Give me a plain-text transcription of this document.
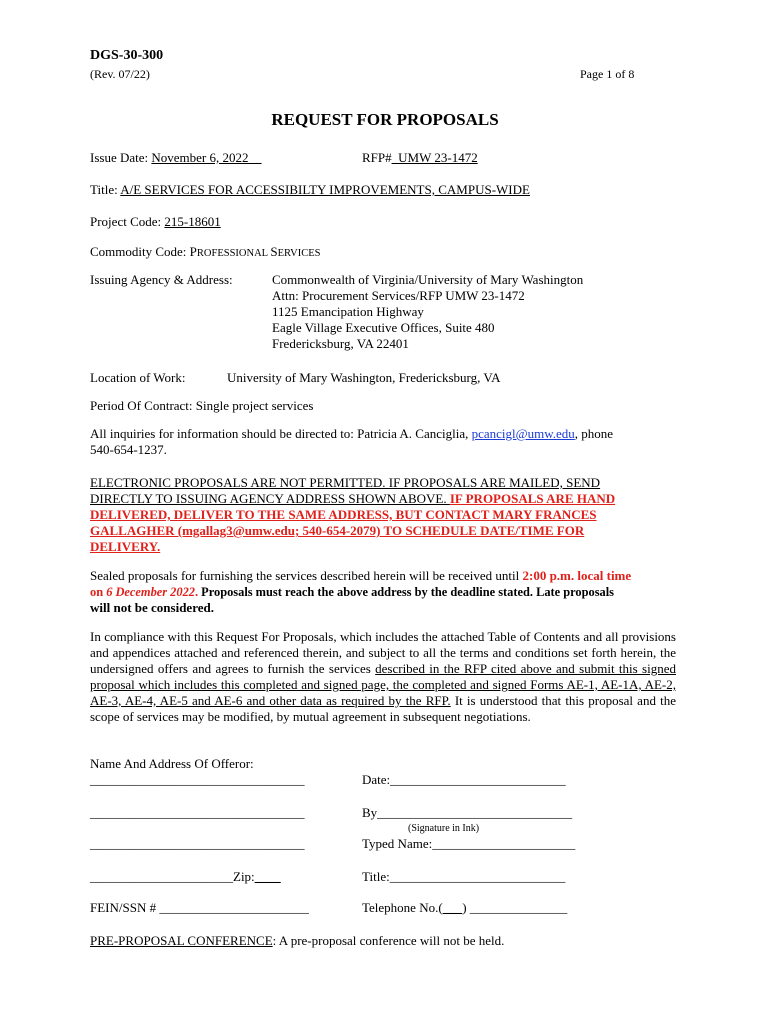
DGS-30-300
(Rev. 07/22)	Page 1 of 8
REQUEST FOR PROPOSALS
Issue Date: November 6, 2022__	RFP#_UMW 23-1472
Title: A/E SERVICES FOR ACCESSIBILTY IMPROVEMENTS, CAMPUS-WIDE
Project Code: 215-18601
Commodity Code: PROFESSIONAL SERVICES
Issuing Agency & Address:	Commonwealth of Virginia/University of Mary Washington
Attn: Procurement Services/RFP UMW 23-1472
1125 Emancipation Highway
Eagle Village Executive Offices, Suite 480
Fredericksburg, VA 22401
Location of Work:	University of Mary Washington, Fredericksburg, VA
Period Of Contract: Single project services
All inquiries for information should be directed to: Patricia A. Canciglia, pcancigl@umw.edu, phone
540-654-1237.
ELECTRONIC PROPOSALS ARE NOT PERMITTED. IF PROPOSALS ARE MAILED, SEND
DIRECTLY TO ISSUING AGENCY ADDRESS SHOWN ABOVE. IF PROPOSALS ARE HAND
DELIVERED, DELIVER TO THE SAME ADDRESS, BUT CONTACT MARY FRANCES
GALLAGHER (mgallag3@umw.edu; 540-654-2079) TO SCHEDULE DATE/TIME FOR
DELIVERY.
Sealed proposals for furnishing the services described herein will be received until 2:00 p.m. local time
on 6 December 2022. Proposals must reach the above address by the deadline stated. Late proposals
will not be considered.
In compliance with this Request For Proposals, which includes the attached Table of Contents and all provisions and appendices attached and referenced therein, and subject to all the terms and conditions set forth herein, the undersigned offers and agrees to furnish the services described in the RFP cited above and submit this signed proposal which includes this completed and signed page, the completed and signed Forms AE-1, AE-1A, AE-2, AE-3, AE-4, AE-5 and AE-6 and other data as required by the RFP. It is understood that this proposal and the scope of services may be modified, by mutual agreement in subsequent negotiations.
Name And Address Of Offeror:
_________________________________	Date:___________________________
_________________________________	By______________________________
(Signature in Ink)
_________________________________	Typed Name:______________________
______________________Zip:____	Title:___________________________
FEIN/SSN # _______________________	Telephone No.(___) _______________
PRE-PROPOSAL CONFERENCE: A pre-proposal conference will not be held.
